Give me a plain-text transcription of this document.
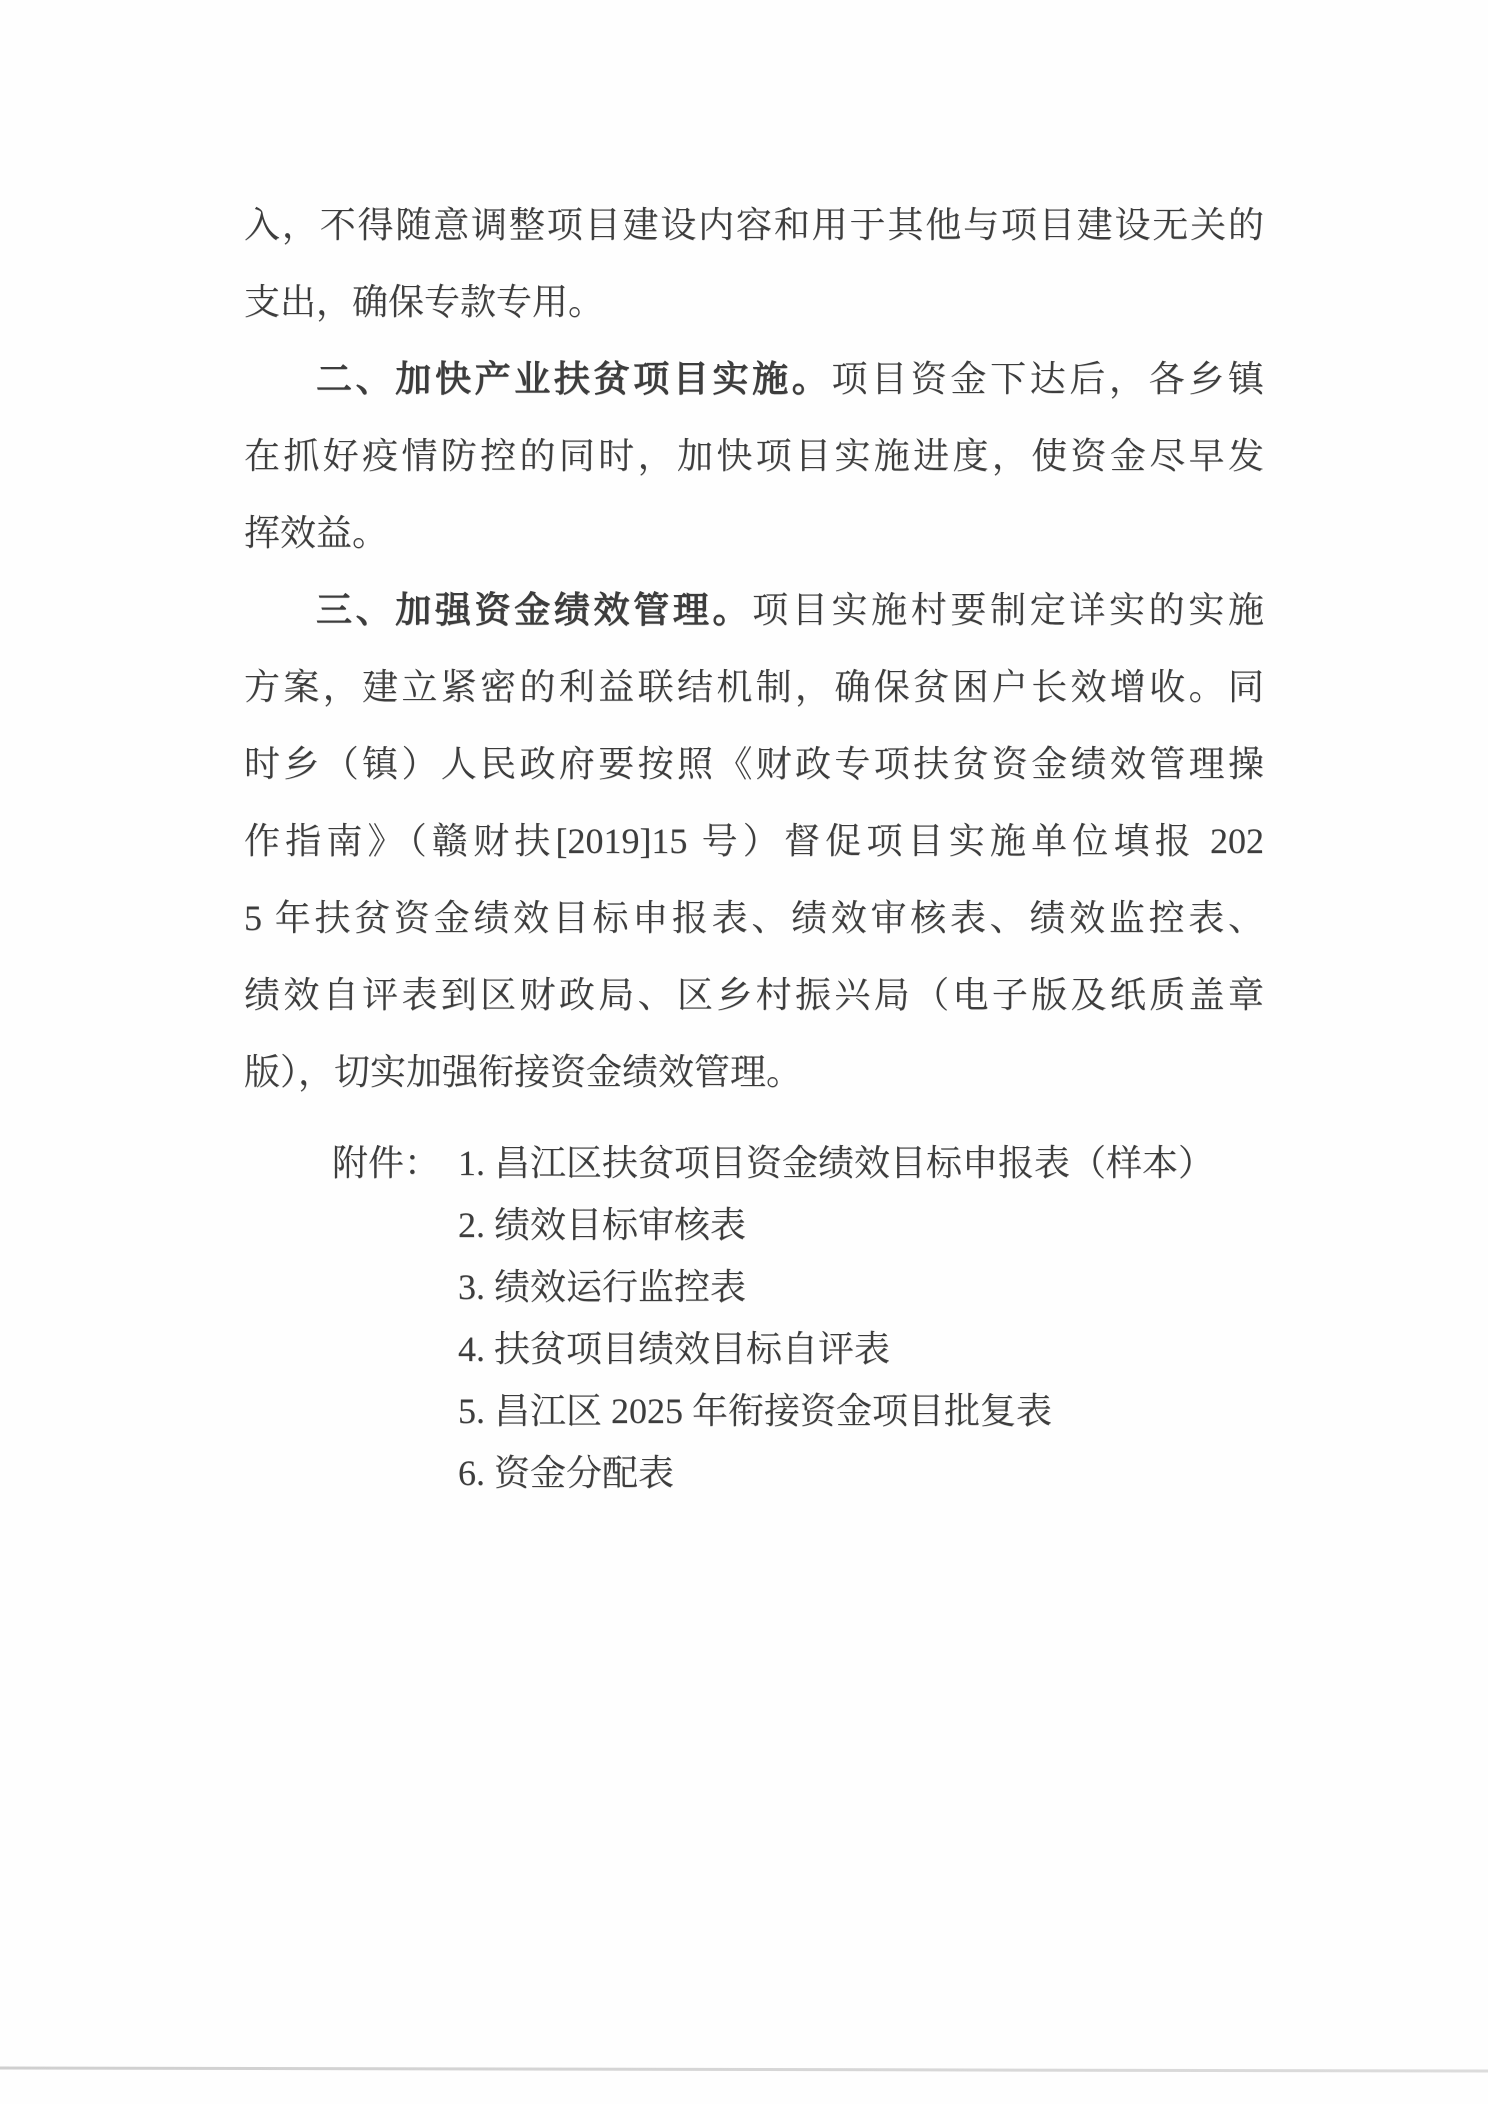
入，不得随意调整项目建设内容和用于其他与项目建设无关的
支出，确保专款专用。
二、加快产业扶贫项目实施。项目资金下达后，各乡镇
在抓好疫情防控的同时，加快项目实施进度，使资金尽早发
挥效益。
三、加强资金绩效管理。项目实施村要制定详实的实施
方案，建立紧密的利益联结机制，确保贫困户长效增收。同
时乡（镇）人民政府要按照《财政专项扶贫资金绩效管理操
作指南》（赣财扶[2019]15 号）督促项目实施单位填报 202
5 年扶贫资金绩效目标申报表、绩效审核表、绩效监控表、
绩效自评表到区财政局、区乡村振兴局（电子版及纸质盖章
版），切实加强衔接资金绩效管理。
附件： 1. 昌江区扶贫项目资金绩效目标申报表（样本）
2. 绩效目标审核表
3. 绩效运行监控表
4. 扶贫项目绩效目标自评表
5. 昌江区 2025 年衔接资金项目批复表
6. 资金分配表
